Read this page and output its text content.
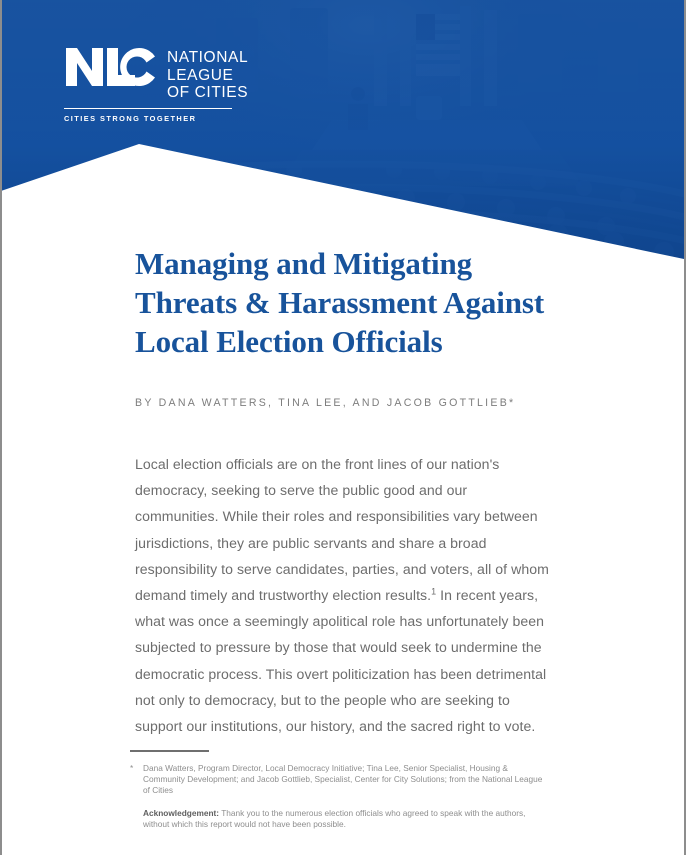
NATIONAL
LEAGUE
OF CITIES
CITIES STRONG TOGETHER
Managing and Mitigating
Threats & Harassment Against
Local Election Officials

BY DANA WATTERS, TINA LEE, AND JACOB GOTTLIEB*

Local election officials are on the front lines of our nation's democracy, seeking to serve the public good and our communities. While their roles and responsibilities vary between jurisdictions, they are public servants and share a broad responsibility to serve candidates, parties, and voters, all of whom demand timely and trustworthy election results.$^1$ In recent years, what was once a seemingly apolitical role has unfortunately been subjected to pressure by those that would seek to undermine the democratic process. This overt politicization has been detrimental not only to democracy, but to the people who are seeking to support our institutions, our history, and the sacred right to vote.

*	Dana Watters, Program Director, Local Democracy Initiative; Tina Lee, Senior Specialist, Housing & Community Development; and Jacob Gottlieb, Specialist, Center for City Solutions; from the National League of Cities
Acknowledgement: Thank you to the numerous election officials who agreed to speak with the authors, without which this report would not have been possible.
